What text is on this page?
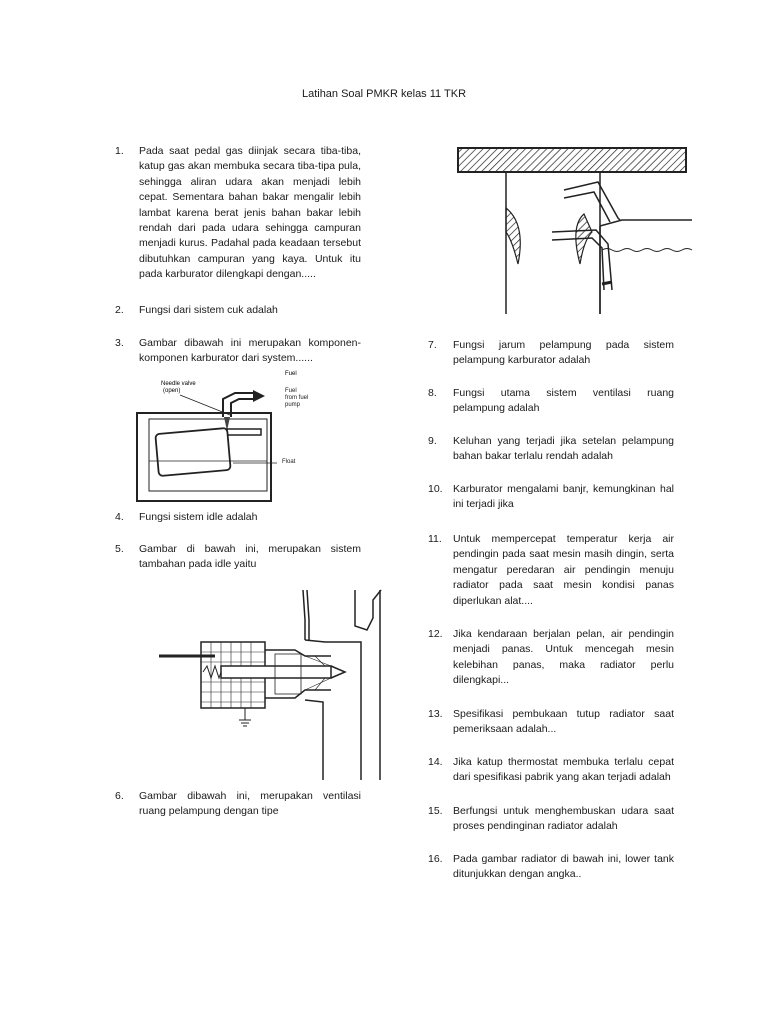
Latihan Soal PMKR kelas 11 TKR
1. Pada saat pedal gas diinjak secara tiba-tiba, katup gas akan membuka secara tiba-tipa pula, sehingga aliran udara akan menjadi lebih cepat. Sementara bahan bakar mengalir lebih lambat karena berat jenis bahan bakar lebih rendah dari pada udara sehingga campuran menjadi kurus. Padahal pada keadaan tersebut dibutuhkan campuran yang kaya. Untuk itu pada karburator dilengkapi dengan.....
2. Fungsi dari sistem cuk adalah
3. Gambar dibawah ini merupakan komponen-komponen karburator dari system......
Needle valve
(open)
Fuel
Fuel
from fuel
pump
Float
4. Fungsi sistem idle adalah
5. Gambar di bawah ini, merupakan sistem tambahan pada idle yaitu
6. Gambar dibawah ini, merupakan ventilasi ruang pelampung dengan tipe
7. Fungsi jarum pelampung pada sistem pelampung karburator adalah
8. Fungsi utama sistem ventilasi ruang pelampung adalah
9. Keluhan yang terjadi jika setelan pelampung bahan bakar terlalu rendah adalah
10. Karburator mengalami banjr, kemungkinan hal ini terjadi jika
11. Untuk mempercepat temperatur kerja air pendingin pada saat mesin masih dingin, serta mengatur peredaran air pendingin menuju radiator pada saat mesin kondisi panas diperlukan alat....
12. Jika kendaraan berjalan pelan, air pendingin menjadi panas. Untuk mencegah mesin kelebihan panas, maka radiator perlu dilengkapi...
13. Spesifikasi pembukaan tutup radiator saat pemeriksaan adalah...
14. Jika katup thermostat membuka terlalu cepat dari spesifikasi pabrik yang akan terjadi adalah
15. Berfungsi untuk menghembuskan udara saat proses pendinginan radiator adalah
16. Pada gambar radiator di bawah ini, lower tank ditunjukkan dengan angka..
